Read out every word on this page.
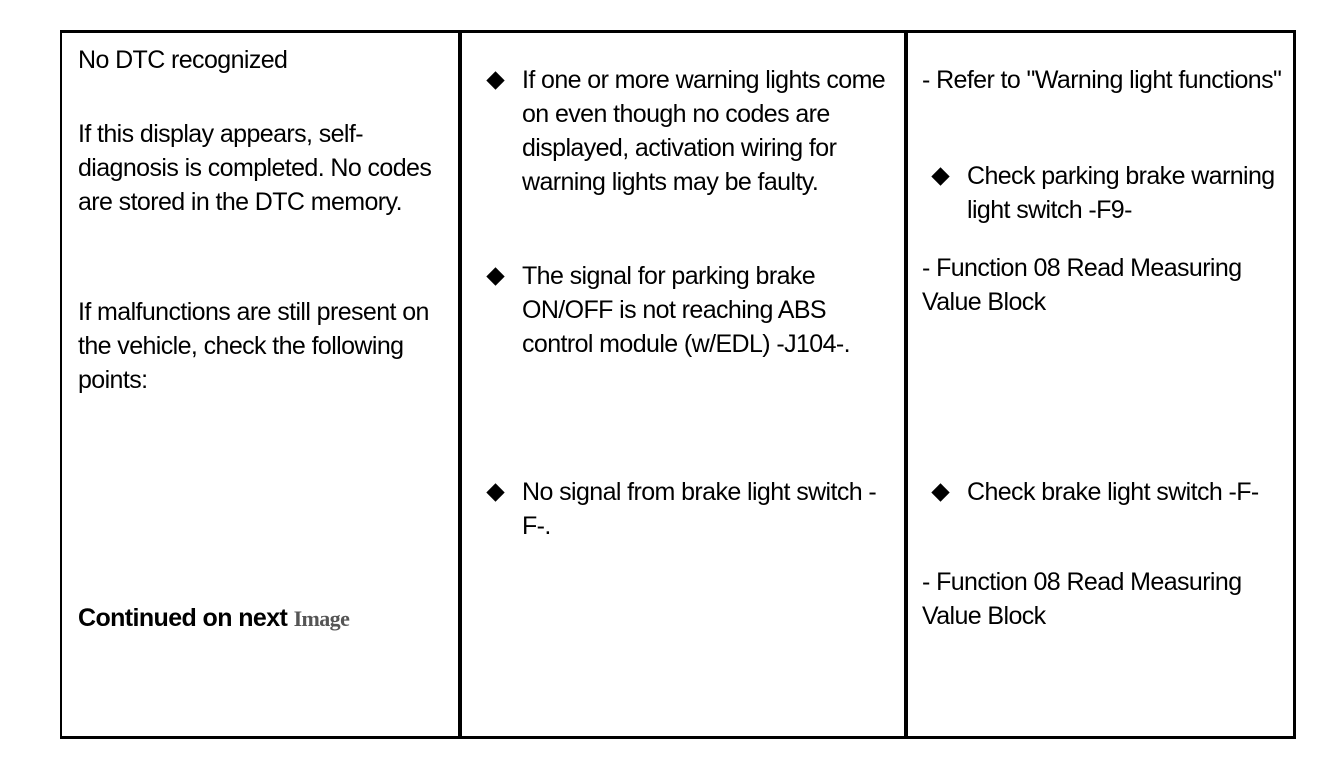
No DTC recognized

If this display appears, self-diagnosis is completed. No codes are stored in the DTC memory.

If malfunctions are still present on the vehicle, check the following points:

Continued on next Image

If one or more warning lights come on even though no codes are displayed, activation wiring for warning lights may be faulty.

The signal for parking brake ON/OFF is not reaching ABS control module (w/EDL) -J104-.

No signal from brake light switch -F-.

- Refer to "Warning light functions"

Check parking brake warning light switch -F9-

- Function 08 Read Measuring Value Block

Check brake light switch -F-

- Function 08 Read Measuring Value Block
